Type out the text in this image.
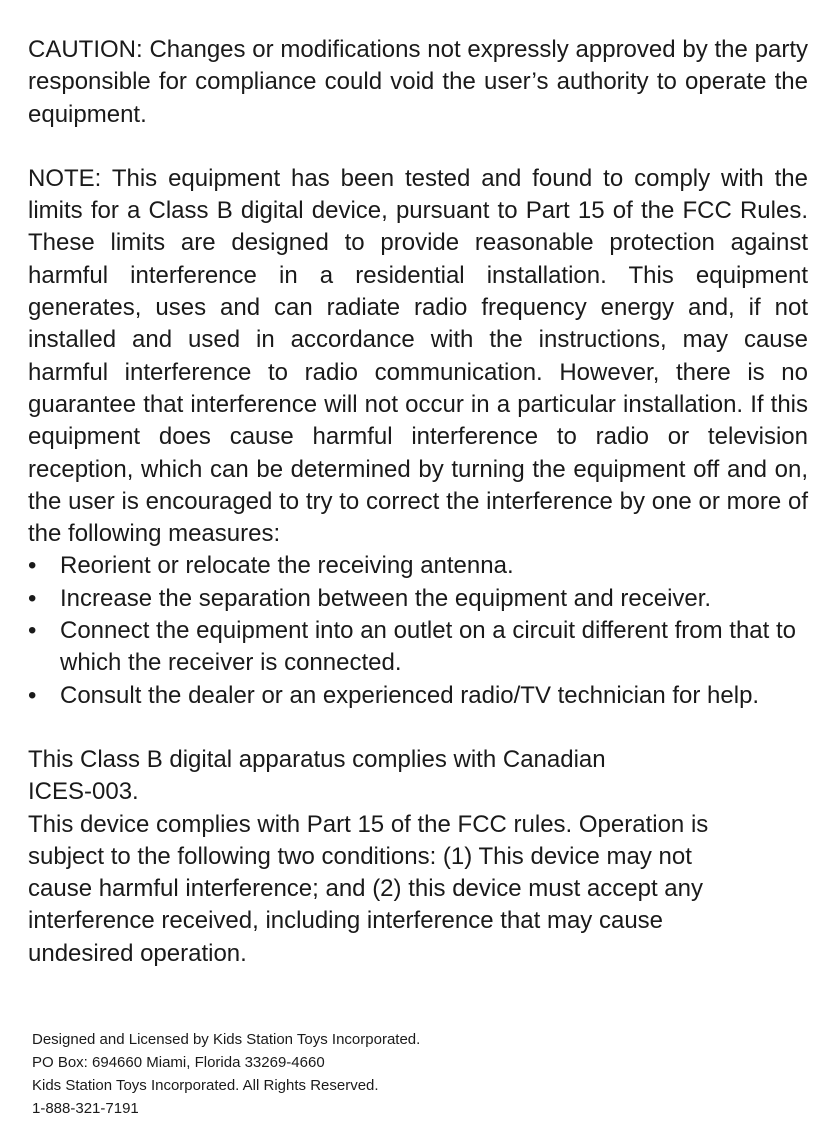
CAUTION: Changes or modifications not expressly approved by the party responsible for compliance could void the user’s authority to operate the equipment.

NOTE: This equipment has been tested and found to comply with the limits for a Class B digital device, pursuant to Part 15 of the FCC Rules. These limits are designed to provide reasonable protection against harmful interference in a residential installation. This equipment generates, uses and can radiate radio frequency energy and, if not installed and used in accordance with the instructions, may cause harmful interference to radio communication. However, there is no guarantee that interference will not occur in a particular installation. If this equipment does cause harmful interference to radio or television reception, which can be determined by turning the equipment off and on, the user is encouraged to try to correct the interference by one or more of the following measures:

• Reorient or relocate the receiving antenna.
• Increase the separation between the equipment and receiver.
• Connect the equipment into an outlet on a circuit different from that to which the receiver is connected.
• Consult the dealer or an experienced radio/TV technician for help.
This Class B digital apparatus complies with Canadian
ICES-003.
This device complies with Part 15 of the FCC rules. Operation is
subject to the following two conditions: (1) This device may not
cause harmful interference; and (2) this device must accept any
interference received, including interference that may cause
undesired operation.
Designed and Licensed by Kids Station Toys Incorporated.
PO Box: 694660 Miami, Florida 33269-4660
Kids Station Toys Incorporated. All Rights Reserved.
1-888-321-7191
